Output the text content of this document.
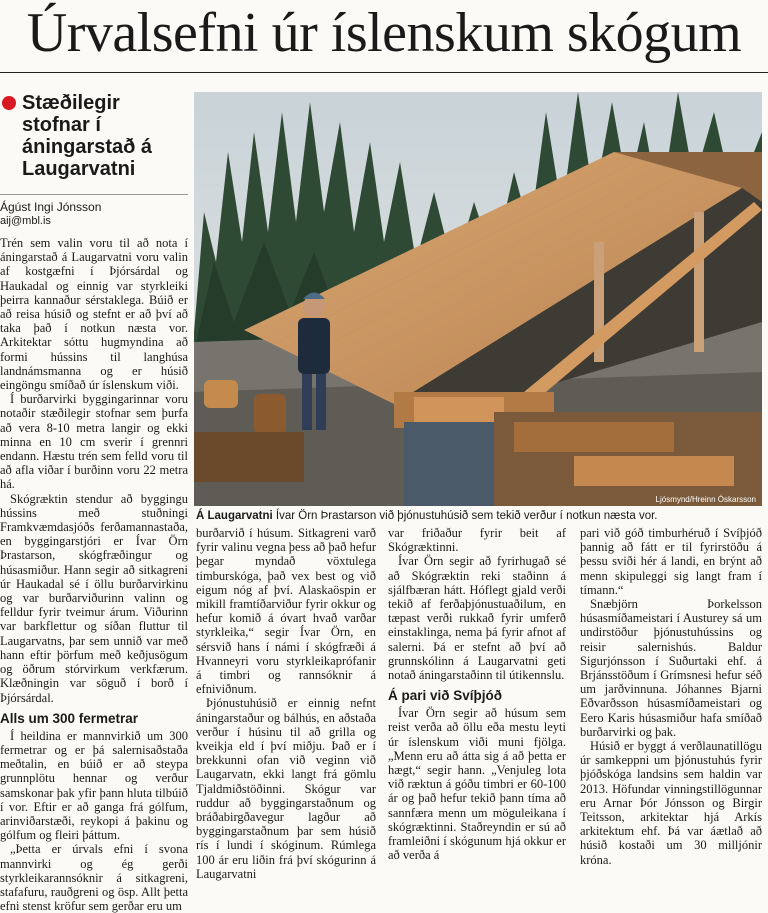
Úrvalsefni úr íslenskum skógum
Stæðilegir stofnar í áningarstað á Laugarvatni
Ágúst Ingi Jónsson
aij@mbl.is

Trén sem valin voru til að nota í áningarstað á Laugarvatni voru valin af kostgæfni í Þjórsárdal og Haukadal og einnig var styrkleiki þeirra kannaður sérstaklega. Búið er að reisa húsið og stefnt er að því að taka það í notkun næsta vor. Arkitektar sóttu hugmyndina að formi hússins til langhúsa landnámsmanna og er húsið eingöngu smíðað úr íslenskum viði.

Í burðarvirki byggingarinnar voru notaðir stæðilegir stofnar sem þurfa að vera 8-10 metra langir og ekki minna en 10 cm sverir í grennri endann. Hæstu trén sem felld voru til að afla viðar í burðinn voru 22 metra há.

Skógræktin stendur að byggingu hússins með stuðningi Framkvæmdasjóðs ferðamannastaða, en byggingarstjóri er Ívar Örn Þrastarson, skógfræðingur og húsasmiður. Hann segir að sitkagreni úr Haukadal sé í öllu burðarvirkinu og var burðarviðurinn valinn og felldur fyrir tveimur árum. Viðurinn var barkflettur og síðan fluttur til Laugarvatns, þar sem unnið var með hann eftir þörfum með keðjusögum og öðrum stórvirkum verkfærum. Klæðningin var söguð í borð í Þjórsárdal.

Alls um 300 fermetrar

Í heildina er mannvirkið um 300 fermetrar og er þá salernisaðstaða meðtalin, en búið er að steypa grunnplötu hennar og verður samskonar þak yfir þann hluta tilbúið í vor. Eftir er að ganga frá gólfum, arinviðarstæði, reykopi á þakinu og gólfum og fleiri þáttum.

„Þetta er úrvals efni í svona mannvirki og ég gerði styrkleikarannsóknir á sitkagreni, stafafuru, rauðgreni og ösp. Allt þetta efni stenst kröfur sem gerðar eru um

Ljósmynd/Hreinn Óskarsson
Á Laugarvatni Ívar Örn Þrastarson við þjónustuhúsið sem tekið verður í notkun næsta vor.

burðarvið í húsum. Sitkagreni varð fyrir valinu vegna þess að það hefur þegar myndað vöxtulega timburskóga, það vex best og við eigum nóg af því. Alaskaöspin er mikill framtíðarviður fyrir okkur og hefur komið á óvart hvað varðar styrkleika,“ segir Ívar Örn, en sérsvið hans í námi í skógfræði á Hvanneyri voru styrkleikaprófanir á timbri og rannsóknir á efniviðnum.

Þjónustuhúsið er einnig nefnt áningarstaður og bálhús, en aðstaða verður í húsinu til að grilla og kveikja eld í því miðju. Það er í brekkunni ofan við veginn við Laugarvatn, ekki langt frá gömlu Tjaldmiðstöðinni. Skógur var ruddur að byggingarstaðnum og bráðabirgðavegur lagður að byggingarstaðnum þar sem húsið rís í lundi í skóginum. Rúmlega 100 ár eru liðin frá því skógurinn á Laugarvatni

var friðaður fyrir beit af Skógræktinni.

Ívar Örn segir að fyrirhugað sé að Skógræktin reki staðinn á sjálfbæran hátt. Hóflegt gjald verði tekið af ferðaþjónustuaðilum, en tæpast verði rukkað fyrir umferð einstaklinga, nema þá fyrir afnot af salerni. Þá er stefnt að því að grunnskólinn á Laugarvatni geti notað áningarstaðinn til útikennslu.

Á pari við Svíþjóð

Ívar Örn segir að húsum sem reist verða að öllu eða mestu leyti úr íslenskum viði muni fjölga. „Menn eru að átta sig á að þetta er hægt,“ segir hann. „Venjuleg lota við ræktun á góðu timbri er 60-100 ár og það hefur tekið þann tíma að sannfæra menn um möguleikana í skógræktinni. Staðreyndin er sú að framleiðni í skógunum hjá okkur er að verða á

pari við góð timburhéruð í Svíþjóð þannig að fátt er til fyrirstöðu á þessu sviði hér á landi, en brýnt að menn skipuleggi sig langt fram í tímann.“

Snæbjörn Þorkelsson húsasmíðameistari í Austurey sá um undirstöður þjónustuhússins og reisir salernishús. Baldur Sigurjónsson í Suðurtaki ehf. á Brjánsstöðum í Grímsnesi hefur séð um jarðvinnuna. Jóhannes Bjarni Eðvarðsson húsasmíðameistari og Eero Karis húsasmiður hafa smíðað burðarvirki og þak.

Húsið er byggt á verðlaunatillögu úr samkeppni um þjónustuhús fyrir þjóðskóga landsins sem haldin var 2013. Höfundar vinningstillögunnar eru Arnar Þór Jónsson og Birgir Teitsson, arkitektar hjá Arkís arkitektum ehf. Þá var áætlað að húsið kostaði um 30 milljónir króna.
